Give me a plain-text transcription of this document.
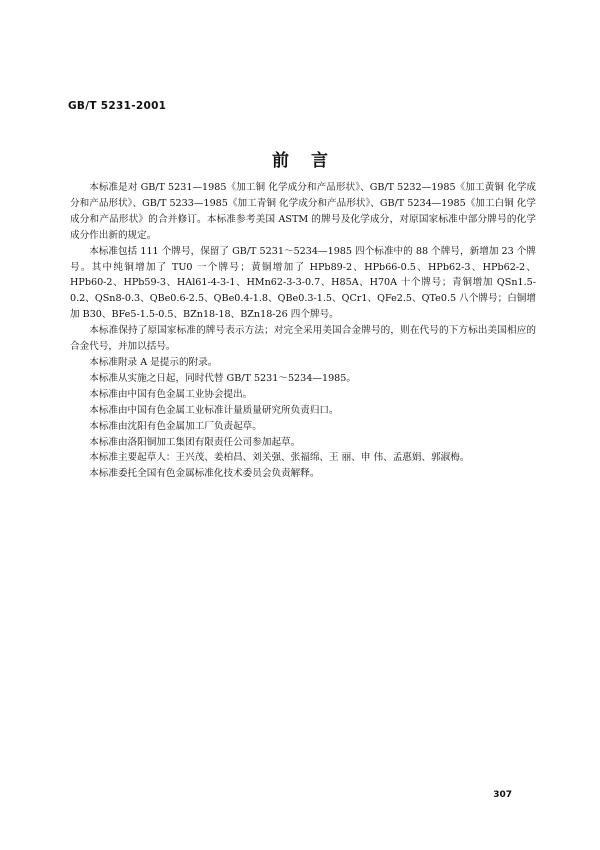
GB/T 5231-2001
前言

本标准是对 GB/T 5231—1985《加工铜 化学成分和产品形状》、GB/T 5232—1985《加工黄铜 化学成分和产品形状》、GB/T 5233—1985《加工青铜 化学成分和产品形状》、GB/T 5234—1985《加工白铜 化学成分和产品形状》的合并修订。本标准参考美国 ASTM 的牌号及化学成分，对原国家标准中部分牌号的化学成分作出新的规定。

本标准包括 111 个牌号，保留了 GB/T 5231～5234—1985 四个标准中的 88 个牌号，新增加 23 个牌号。其中纯铜增加了 TU0 一个牌号；黄铜增加了 HPb89-2、HPb66-0.5、HPb62-3、HPb62-2、HPb60-2、HPb59-3、HAl61-4-3-1、HMn62-3-3-0.7、H85A、H70A 十个牌号；青铜增加 QSn1.5-0.2、QSn8-0.3、QBe0.6-2.5、QBe0.4-1.8、QBe0.3-1.5、QCr1、QFe2.5、QTe0.5 八个牌号；白铜增加 B30、BFe5-1.5-0.5、BZn18-18、BZn18-26 四个牌号。

本标准保持了原国家标准的牌号表示方法；对完全采用美国合金牌号的，则在代号的下方标出美国相应的合金代号，并加以括号。

本标准附录 A 是提示的附录。

本标准从实施之日起，同时代替 GB/T 5231～5234—1985。

本标准由中国有色金属工业协会提出。

本标准由中国有色金属工业标准计量质量研究所负责归口。

本标准由沈阳有色金属加工厂负责起草。

本标准由洛阳铜加工集团有限责任公司参加起草。

本标准主要起草人：王兴茂、姜柏昌、刘关强、张福绵、王 丽、申 伟、孟惠娟、郭淑梅。

本标准委托全国有色金属标准化技术委员会负责解释。

307
